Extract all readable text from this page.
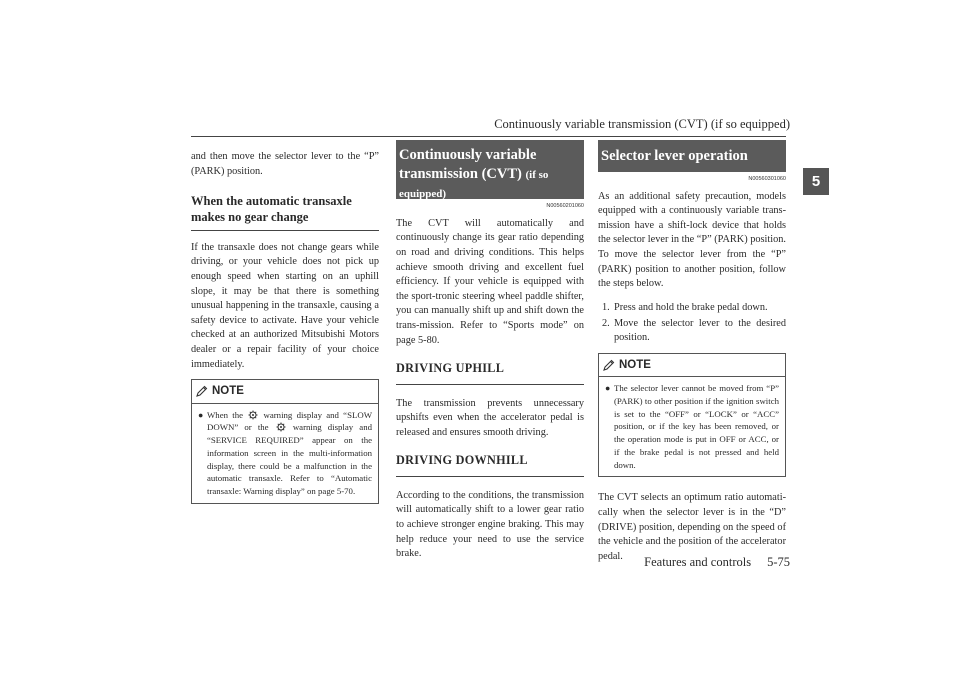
Continuously variable transmission (CVT) (if so equipped)
5

and then move the selector lever to the “P” (PARK) position.

When the automatic transaxle makes no gear change

If the transaxle does not change gears while driving, or your vehicle does not pick up enough speed when starting on an uphill slope, it may be that there is something unusual happening in the transaxle, causing a safety device to activate. Have your vehicle checked at an authorized Mitsubishi Motors dealer or a repair facility of your choice immediately.

NOTE
● When the warning display and “SLOW DOWN” or the	warning display and “SERVICE REQUIRED” appear on the information screen in the multi-information display, there could be a malfunction in the automatic transaxle. Refer to “Automatic transaxle: Warning display” on page 5-70.
Continuously variable transmission (CVT) (if so equipped)
N00560201060

The CVT will automatically and continuously change its gear ratio depending on road and driving conditions. This helps achieve smooth driving and excellent fuel efficiency. If your vehicle is equipped with the sport-tronic steering wheel paddle shifter, you can manually shift up and shift down the trans-mission. Refer to “Sports mode” on page 5-80.

DRIVING UPHILL

The transmission prevents unnecessary upshifts even when the accelerator pedal is released and ensures smooth driving.

DRIVING DOWNHILL

According to the conditions, the transmission will automatically shift to a lower gear ratio to achieve stronger engine braking. This may help reduce your need to use the service brake.

Selector lever operation
N00560301060

As an additional safety precaution, models equipped with a continuously variable trans-mission have a shift-lock device that holds the selector lever in the “P” (PARK) position. To move the selector lever from the “P” (PARK) position to another position, follow the steps below.

1. Press and hold the brake pedal down.
2. Move the selector lever to the desired position.
NOTE
● The selector lever cannot be moved from “P” (PARK) to other position if the ignition switch is set to the “OFF” or “LOCK” or “ACC” position, or if the key has been removed, or the operation mode is put in OFF or ACC, or if the brake pedal is not pressed and held down.

The CVT selects an optimum ratio automati-cally when the selector lever is in the “D” (DRIVE) position, depending on the speed of the vehicle and the position of the accelerator pedal.	Features and controls 5-75
